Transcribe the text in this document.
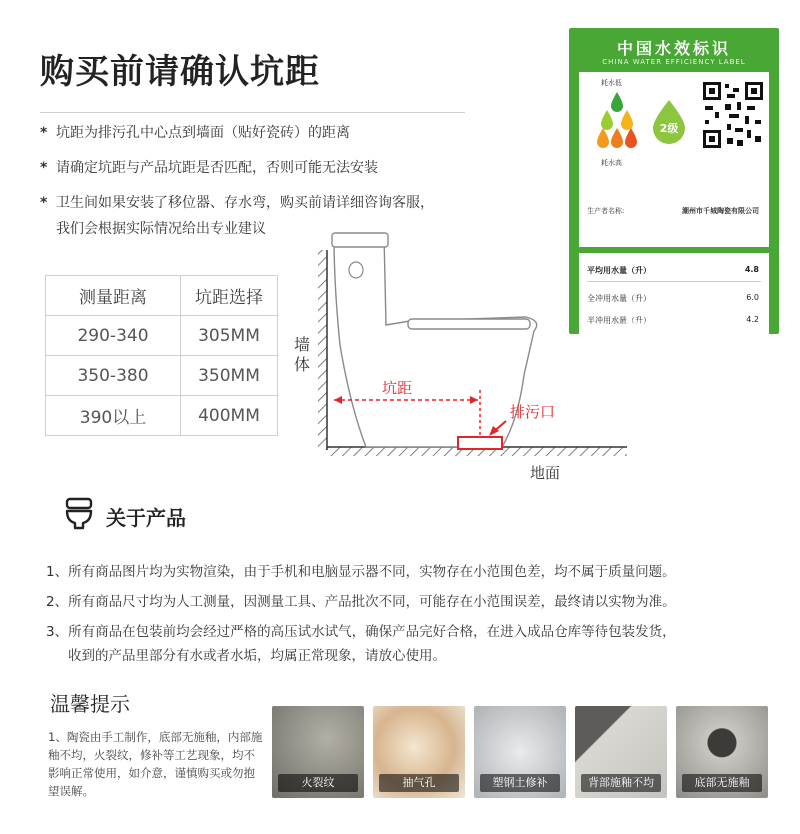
购买前请确认坑距
* 坑距为排污孔中心点到墙面（贴好瓷砖）的距离
* 请确定坑距与产品坑距是否匹配，否则可能无法安装
* 卫生间如果安装了移位器、存水弯，购买前请详细咨询客服，
我们会根据实际情况给出专业建议
测量距离	坑距选择
290-340	305MM
350-380	350MM
390以上	400MM
墙体
坑距
排污口
地面
中国水效标识
CHINA WATER EFFICIENCY LABEL
耗水低
耗水高
2级
生产者名称:	潮州市千城陶瓷有限公司
平均用水量（升）	4.8
全冲用水量（升）	6.0
半冲用水量（升）	4.2
依据国家标准：GB 25502-2017
关于产品
1、所有商品图片均为实物渲染，由于手机和电脑显示器不同，实物存在小范围色差，均不属于质量问题。
2、所有商品尺寸均为人工测量，因测量工具、产品批次不同，可能存在小范围误差，最终请以实物为准。
3、所有商品在包装前均会经过严格的高压试水试气，确保产品完好合格，在进入成品仓库等待包装发货，
收到的产品里部分有水或者水垢，均属正常现象，请放心使用。
温馨提示
1、陶瓷由手工制作，底部无施釉，内部施釉不均，火裂纹，修补等工艺现象，均不影响正常使用，如介意，谨慎购买或勿抱望误解。
火裂纹	抽气孔	塑钢土修补	背部施釉不均	底部无施釉
